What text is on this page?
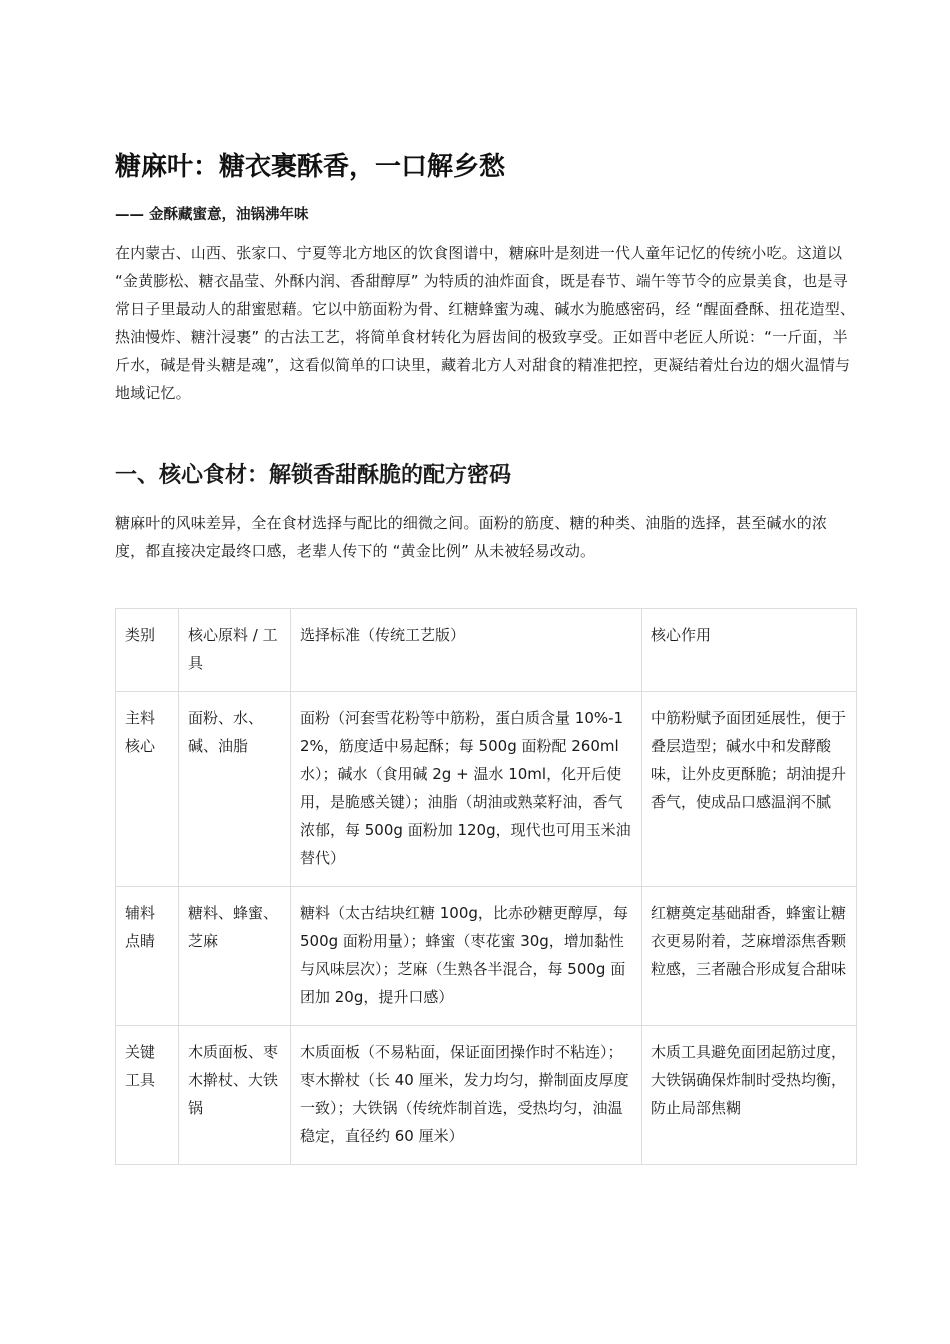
糖麻叶：糖衣裹酥香，一口解乡愁
—— 金酥藏蜜意，油锅沸年味

在内蒙古、山西、张家口、宁夏等北方地区的饮食图谱中，糖麻叶是刻进一代人童年记忆的传统小吃。这道以 “金黄膨松、糖衣晶莹、外酥内润、香甜醇厚” 为特质的油炸面食，既是春节、端午等节令的应景美食，也是寻常日子里最动人的甜蜜慰藉。它以中筋面粉为骨、红糖蜂蜜为魂、碱水为脆感密码，经 “醒面叠酥、扭花造型、热油慢炸、糖汁浸裹” 的古法工艺，将简单食材转化为唇齿间的极致享受。正如晋中老匠人所说：“一斤面，半斤水，碱是骨头糖是魂”，这看似简单的口诀里，藏着北方人对甜食的精准把控，更凝结着灶台边的烟火温情与地域记忆。

一、核心食材：解锁香甜酥脆的配方密码

糖麻叶的风味差异，全在食材选择与配比的细微之间。面粉的筋度、糖的种类、油脂的选择，甚至碱水的浓度，都直接决定最终口感，老辈人传下的 “黄金比例” 从未被轻易改动。

类别	核心原料 / 工具	选择标准（传统工艺版）	核心作用
主料核心	面粉、水、碱、油脂	面粉（河套雪花粉等中筋粉，蛋白质含量 10%-12%，筋度适中易起酥；每 500g 面粉配 260ml 水）；碱水（食用碱 2g + 温水 10ml，化开后使用，是脆感关键）；油脂（胡油或熟菜籽油，香气浓郁，每 500g 面粉加 120g，现代也可用玉米油替代）	中筋粉赋予面团延展性，便于叠层造型；碱水中和发酵酸味，让外皮更酥脆；胡油提升香气，使成品口感温润不腻
辅料点睛	糖料、蜂蜜、芝麻	糖料（太古结块红糖 100g，比赤砂糖更醇厚，每 500g 面粉用量）；蜂蜜（枣花蜜 30g，增加黏性与风味层次）；芝麻（生熟各半混合，每 500g 面团加 20g，提升口感）	红糖奠定基础甜香，蜂蜜让糖衣更易附着，芝麻增添焦香颗粒感，三者融合形成复合甜味
关键工具	木质面板、枣木擀杖、大铁锅	木质面板（不易粘面，保证面团操作时不粘连）；枣木擀杖（长 40 厘米，发力均匀，擀制面皮厚度一致）；大铁锅（传统炸制首选，受热均匀，油温稳定，直径约 60 厘米）	木质工具避免面团起筋过度，大铁锅确保炸制时受热均衡，防止局部焦糊
